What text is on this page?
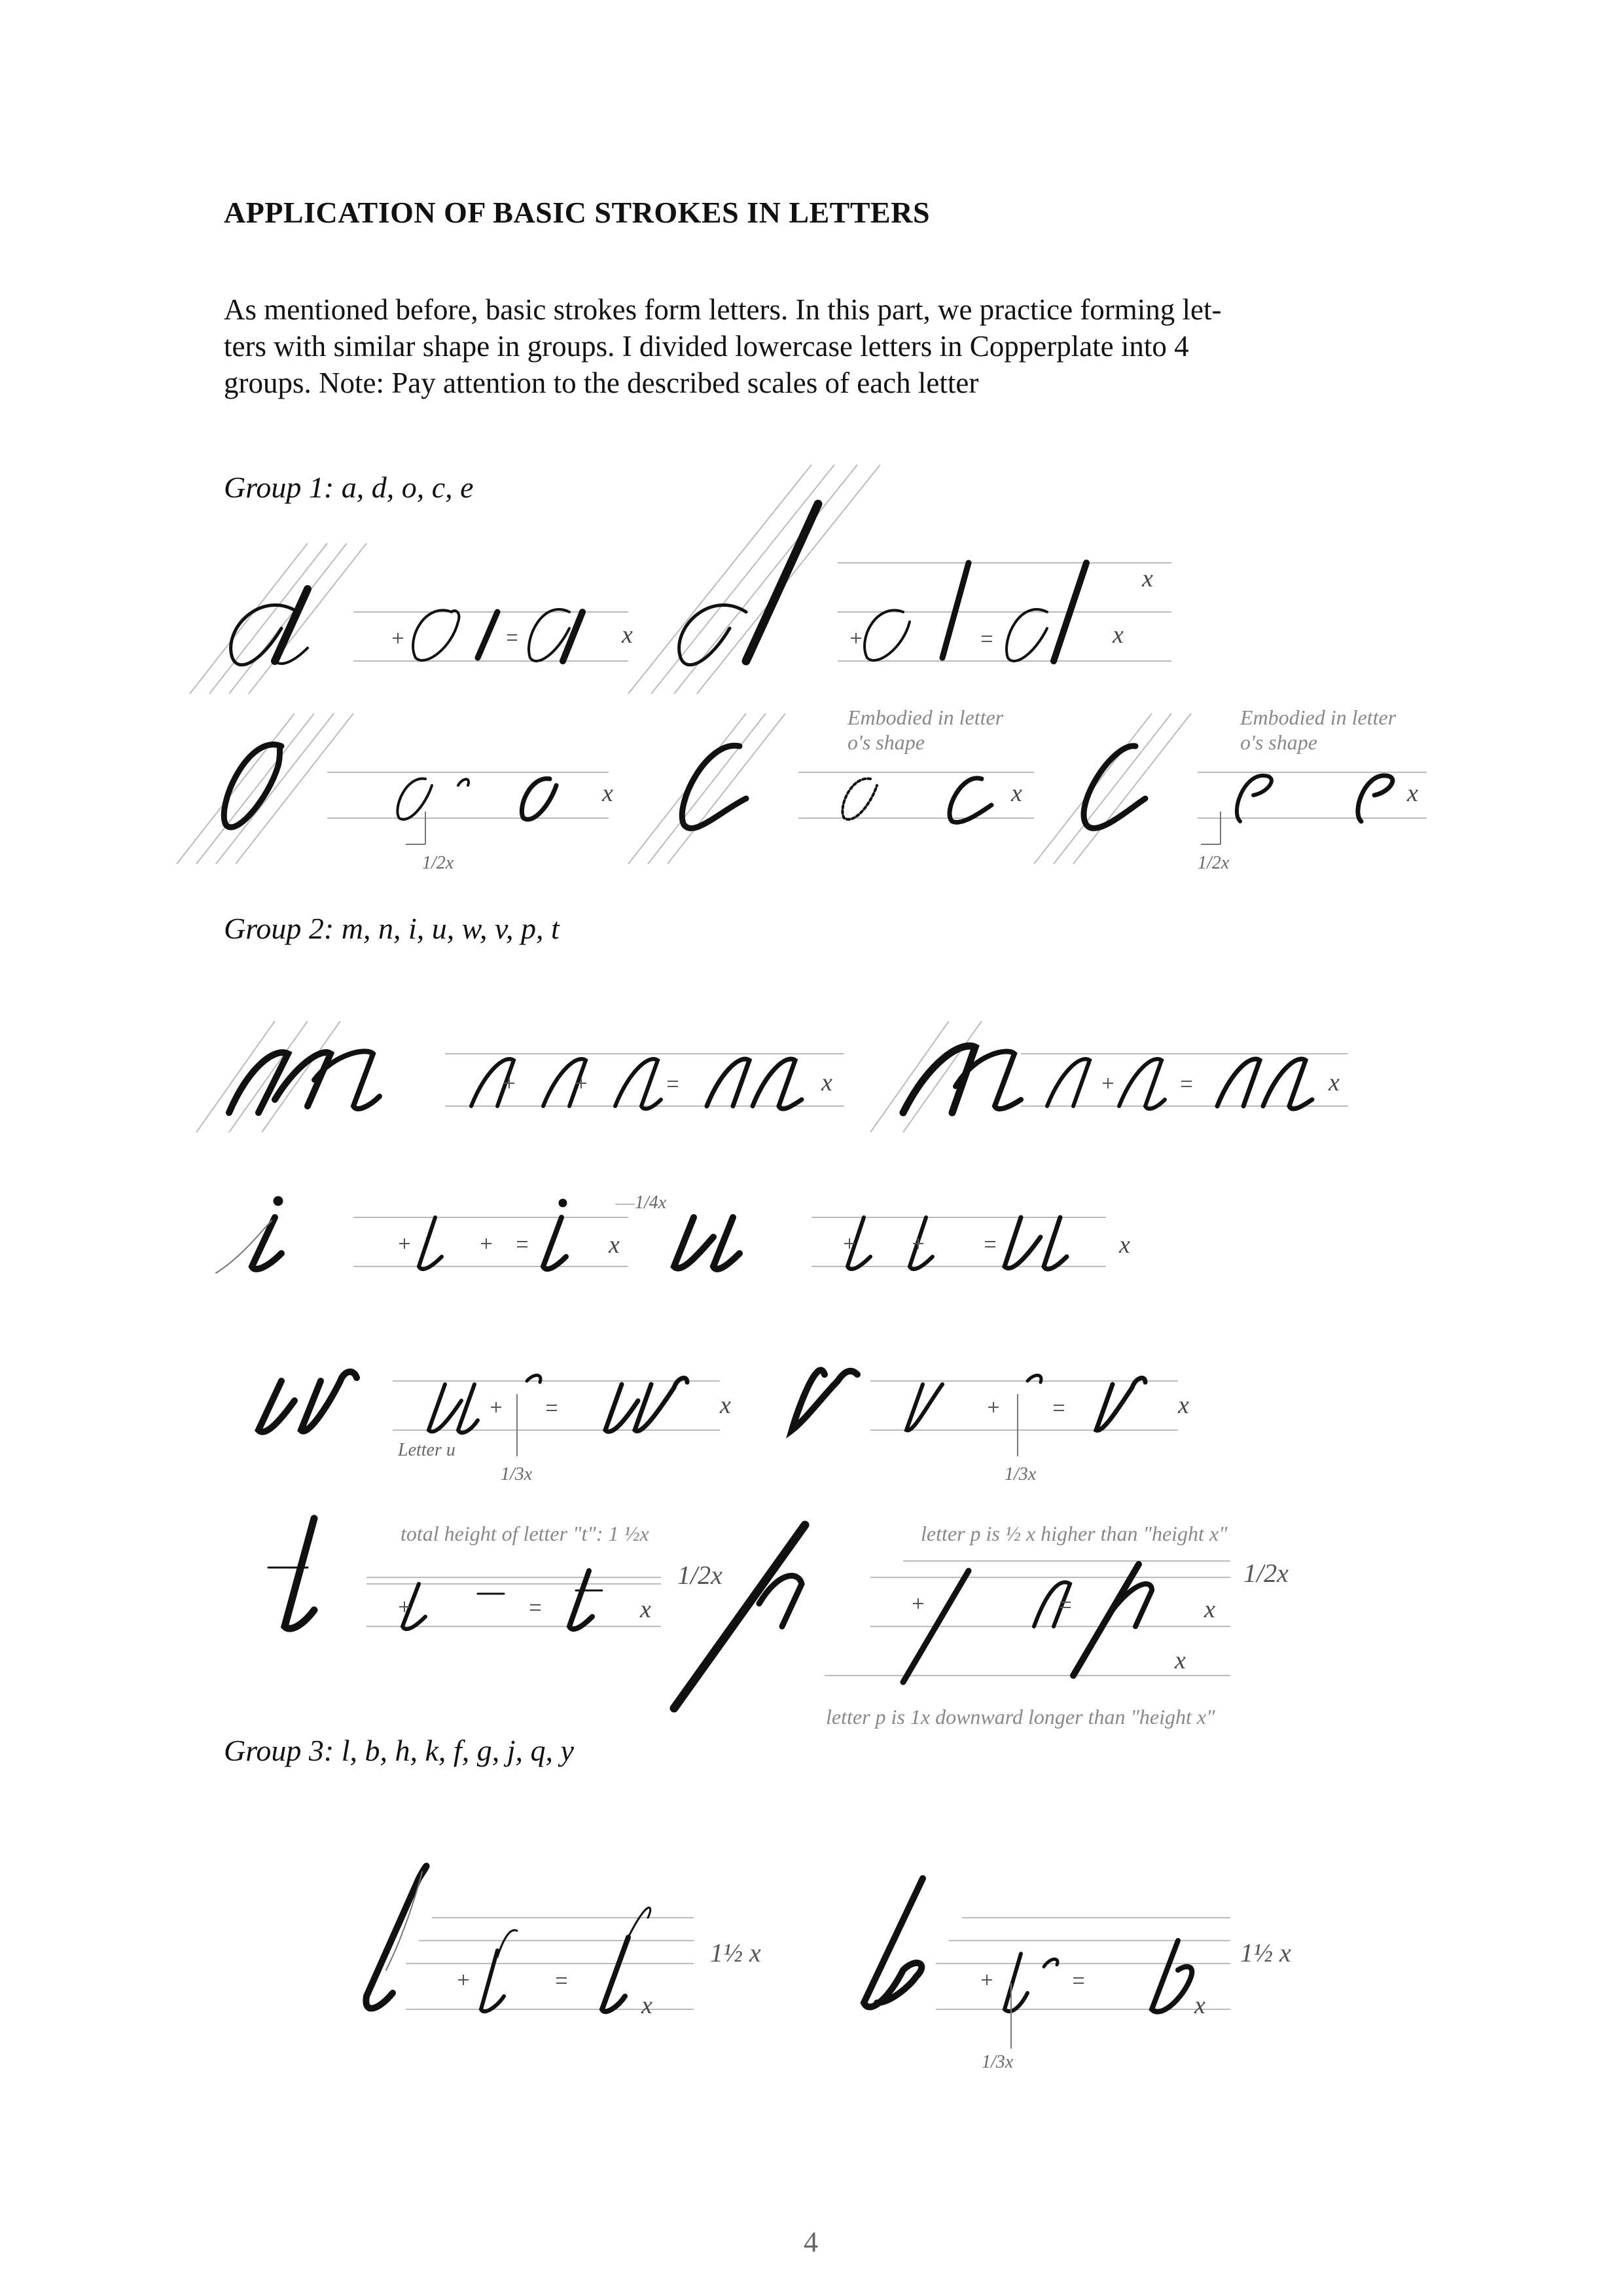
APPLICATION OF BASIC STROKES IN LETTERS
As mentioned before, basic strokes form letters. In this part, we practice forming let-
ters with similar shape in groups. I divided lowercase letters in Copperplate into 4
groups. Note: Pay attention to the described scales of each letter
Group 1: a, d, o, c, e
Group 2: m, n, i, u, w, v, p, t
Group 3: l, b, h, k, f, g, j, q, y
x
x
x
x	x	x
1/2x	1/2x
Embodied in letter
o's shape
Embodied in letter
o's shape
x	x
1/4x
x	x
x	x
Letter u
1/3x	1/3x
total height of letter "t": 1 ½x
1/2x
x
letter p is ½ x higher than "height x"
1/2x
x
x
letter p is 1x downward longer than "height x"
1½ x
x
1½ x
x
1/3x
4
